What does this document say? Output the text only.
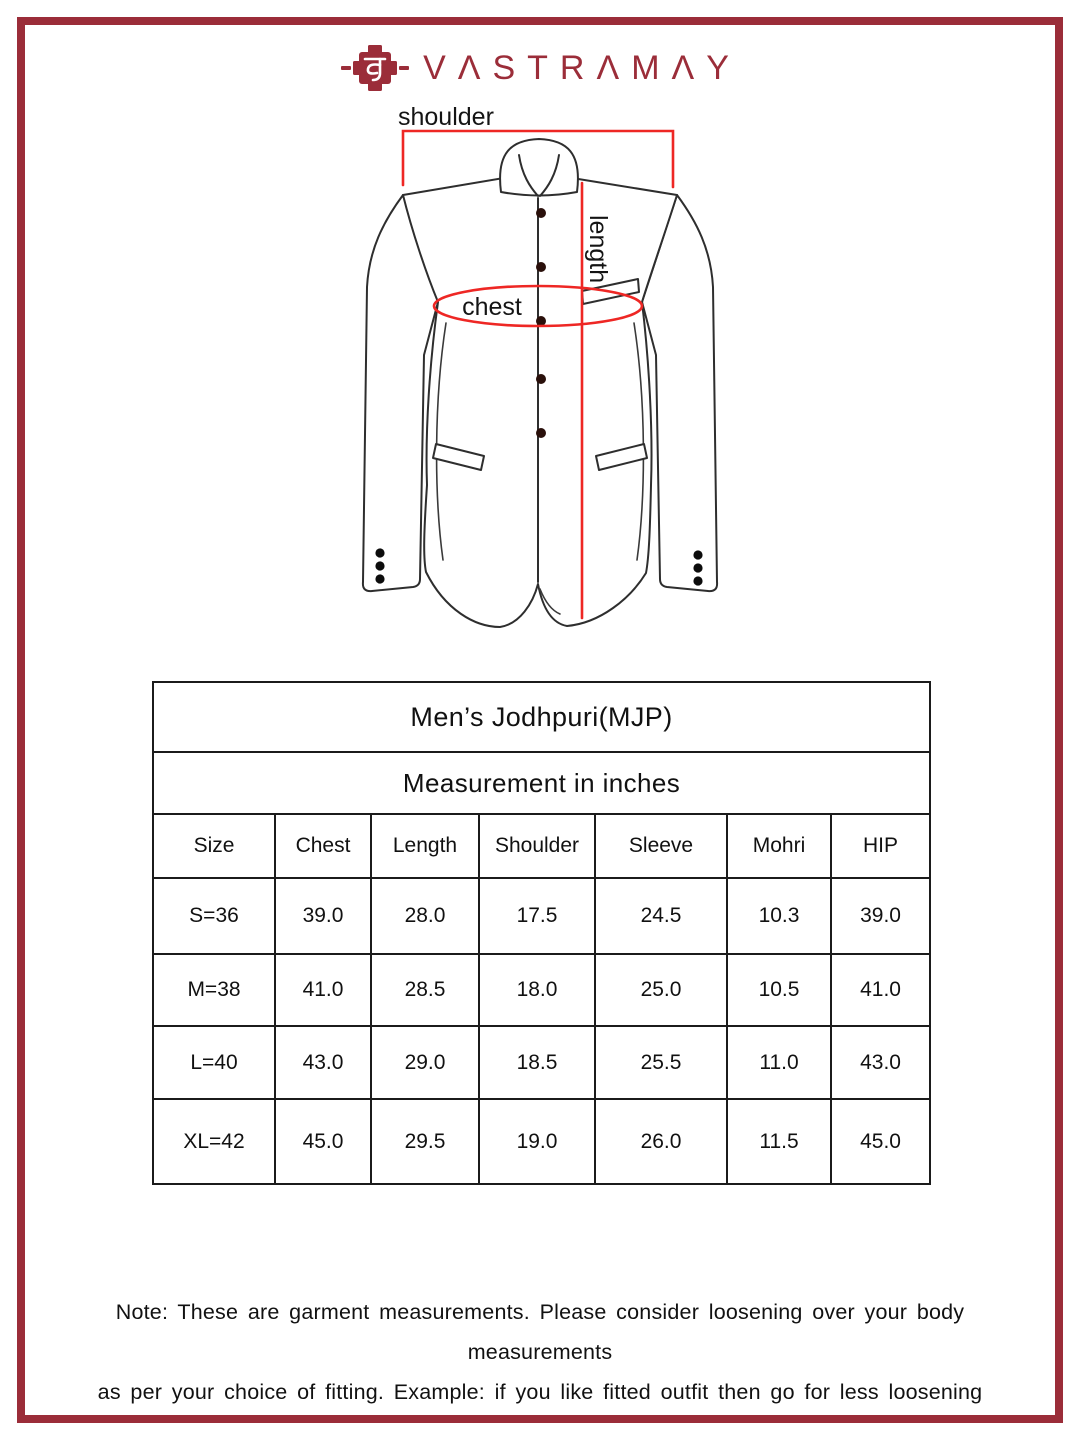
VΛSTRΛMΛY
shoulder
length
chest
Men’s Jodhpuri(MJP)						
Measurement in inches						
Size	Chest	Length	Shoulder	Sleeve	Mohri	HIP
S=36	39.0	28.0	17.5	24.5	10.3	39.0
M=38	41.0	28.5	18.0	25.0	10.5	41.0
L=40	43.0	29.0	18.5	25.5	11.0	43.0
XL=42	45.0	29.5	19.0	26.0	11.5	45.0
Note: These are garment measurements. Please consider loosening over your body measurements
as per your choice of fitting. Example: if you like fitted outfit then go for less loosening
